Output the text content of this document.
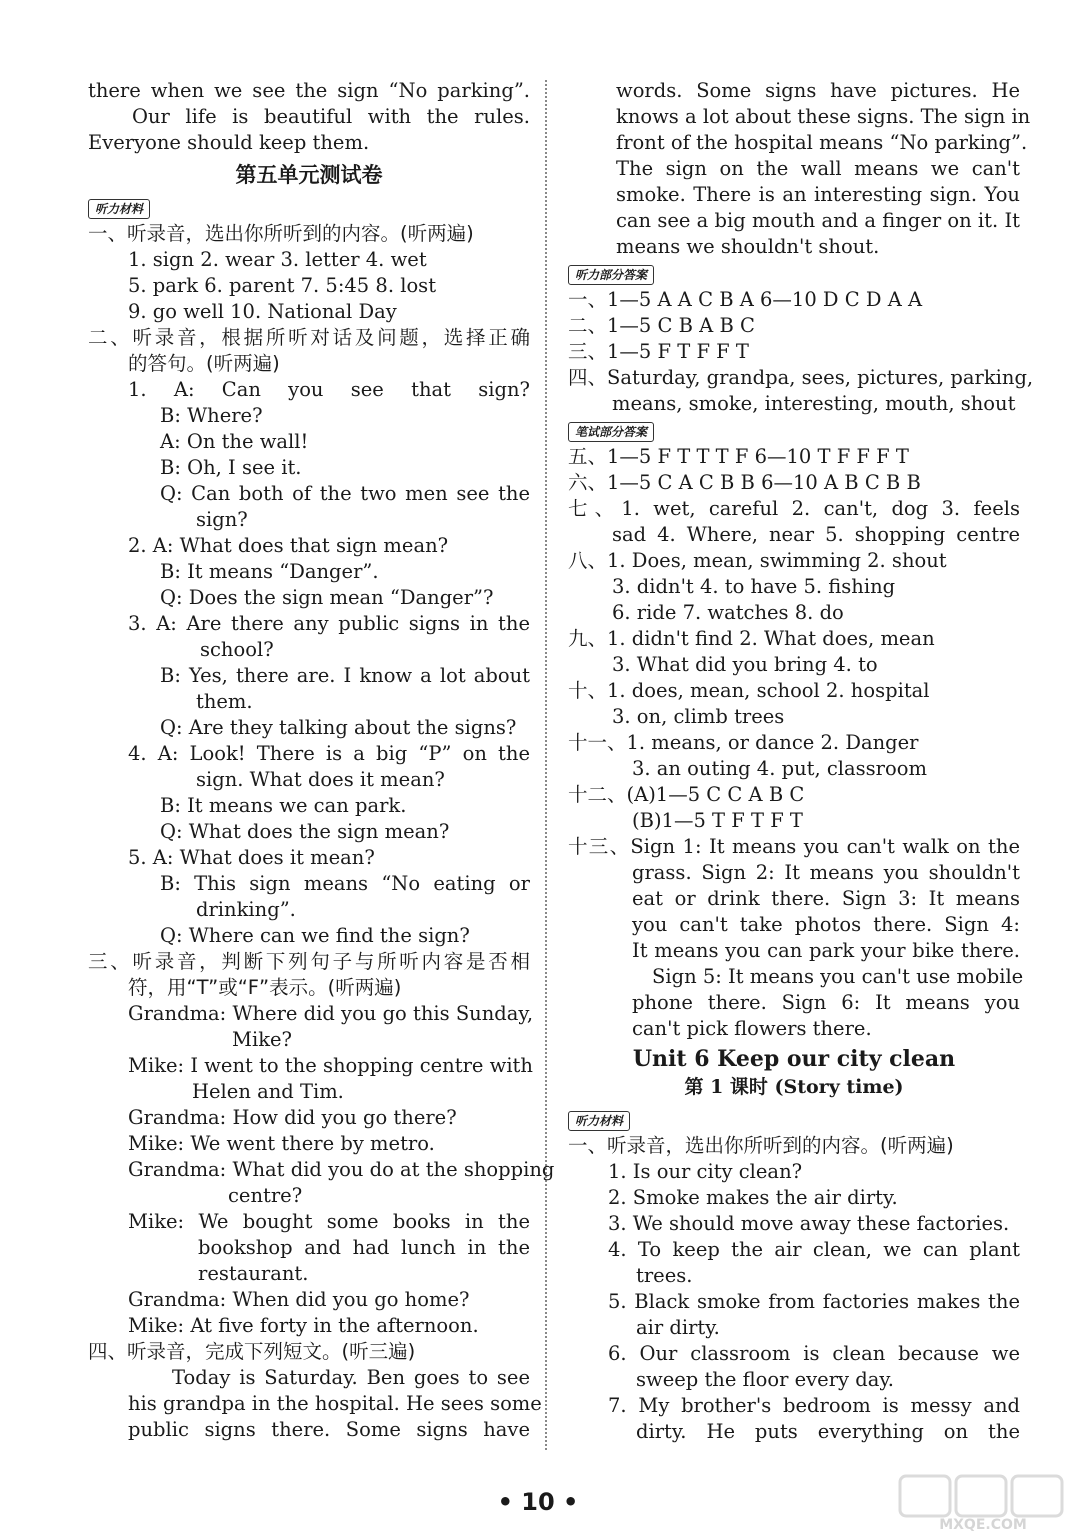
there when we see the sign “No parking”.
Our life is beautiful with the rules.
Everyone should keep them.
第五单元测试卷
听力材料
一、听录音，选出你所听到的内容。(听两遍)
1. sign 2. wear 3. letter 4. wet
5. park 6. parent 7. 5:45 8. lost
9. go well 10. National Day
二、听录音，根据所听对话及问题，选择正确
的答句。(听两遍)
1. A: Can you see that sign?
B: Where?
A: On the wall!
B: Oh, I see it.
Q: Can both of the two men see the
sign?
2. A: What does that sign mean?
B: It means “Danger”.
Q: Does the sign mean “Danger”?
3. A: Are there any public signs in the
school?
B: Yes, there are. I know a lot about
them.
Q: Are they talking about the signs?
4. A: Look! There is a big “P” on the
sign. What does it mean?
B: It means we can park.
Q: What does the sign mean?
5. A: What does it mean?
B: This sign means “No eating or
drinking”.
Q: Where can we find the sign?
三、听录音，判断下列句子与所听内容是否相
符，用“T”或“F”表示。(听两遍)
Grandma: Where did you go this Sunday,
Mike?
Mike: I went to the shopping centre with
Helen and Tim.
Grandma: How did you go there?
Mike: We went there by metro.
Grandma: What did you do at the shopping
centre?
Mike: We bought some books in the
bookshop and had lunch in the
restaurant.
Grandma: When did you go home?
Mike: At five forty in the afternoon.
四、听录音，完成下列短文。(听三遍)
Today is Saturday. Ben goes to see
his grandpa in the hospital. He sees some
public signs there. Some signs have
words. Some signs have pictures. He
knows a lot about these signs. The sign in
front of the hospital means “No parking”.
The sign on the wall means we can't
smoke. There is an interesting sign. You
can see a big mouth and a finger on it. It
means we shouldn't shout.
听力部分答案
一、1—5 A A C B A 6—10 D C D A A
二、1—5 C B A B C
三、1—5 F T F F T
四、Saturday, grandpa, sees, pictures, parking,
means, smoke, interesting, mouth, shout
笔试部分答案
五、1—5 F T T T F 6—10 T F F F T
六、1—5 C A C B B 6—10 A B C B B
七、1. wet, careful 2. can't, dog 3. feels
sad 4. Where, near 5. shopping centre
八、1. Does, mean, swimming 2. shout
3. didn't 4. to have 5. fishing
6. ride 7. watches 8. do
九、1. didn't find 2. What does, mean
3. What did you bring 4. to
十、1. does, mean, school 2. hospital
3. on, climb trees
十一、1. means, or dance 2. Danger
3. an outing 4. put, classroom
十二、(A)1—5 C C A B C
(B)1—5 T F T F T
十三、Sign 1: It means you can't walk on the
grass. Sign 2: It means you shouldn't
eat or drink there. Sign 3: It means
you can't take photos there. Sign 4:
It means you can park your bike there.
Sign 5: It means you can't use mobile
phone there. Sign 6: It means you
can't pick flowers there.
Unit 6 Keep our city clean
第 1 课时 (Story time)
听力材料
一、听录音，选出你所听到的内容。(听两遍)
1. Is our city clean?
2. Smoke makes the air dirty.
3. We should move away these factories.
4. To keep the air clean, we can plant
trees.
5. Black smoke from factories makes the
air dirty.
6. Our classroom is clean because we
sweep the floor every day.
7. My brother's bedroom is messy and
dirty. He puts everything on the
• 10 •
MXQE.COM
